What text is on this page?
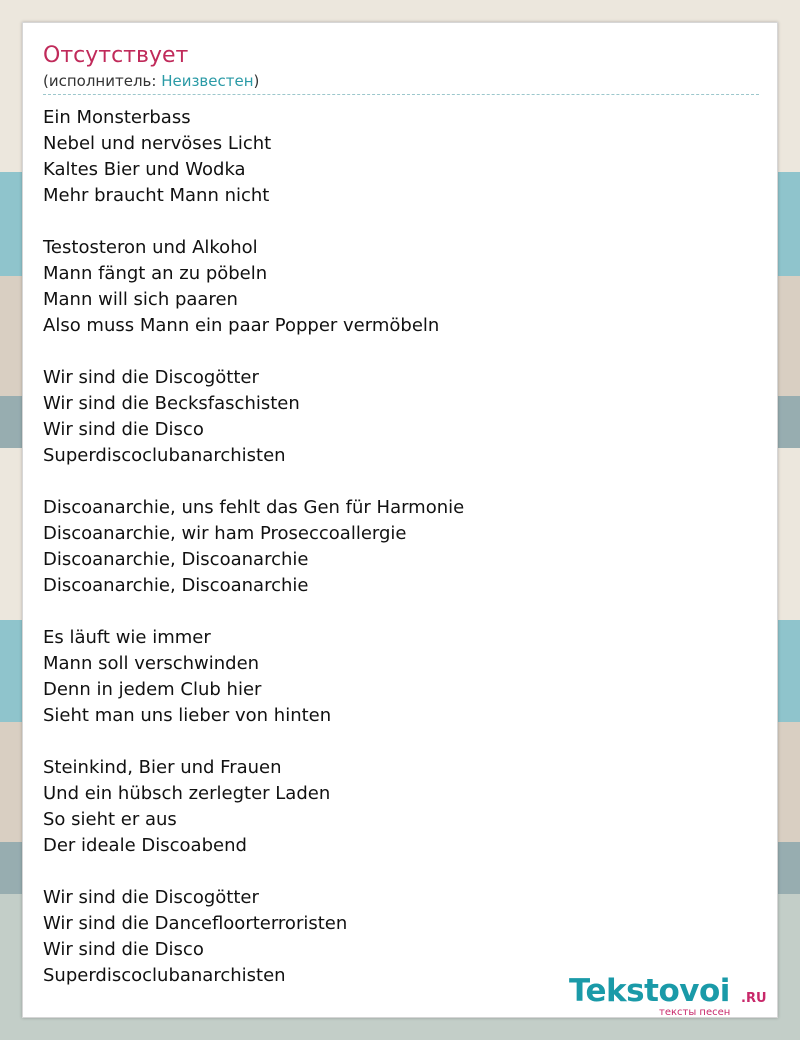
Отсутствует
(исполнитель: Неизвестен)
Ein Monsterbass
Nebel und nervöses Licht
Kaltes Bier und Wodka
Mehr braucht Mann nicht
Testosteron und Alkohol
Mann fängt an zu pöbeln
Mann will sich paaren
Also muss Mann ein paar Popper vermöbeln
Wir sind die Discogötter
Wir sind die Becksfaschisten
Wir sind die Disco
Superdiscoclubanarchisten
Discoanarchie, uns fehlt das Gen für Harmonie
Discoanarchie, wir ham Proseccoallergie
Discoanarchie, Discoanarchie
Discoanarchie, Discoanarchie
Es läuft wie immer
Mann soll verschwinden
Denn in jedem Club hier
Sieht man uns lieber von hinten
Steinkind, Bier und Frauen
Und ein hübsch zerlegter Laden
So sieht er aus
Der ideale Discoabend
Wir sind die Discogötter
Wir sind die Dancefloorterroristen
Wir sind die Disco
Superdiscoclubanarchisten	Tekstovoi .RU
тексты песен
